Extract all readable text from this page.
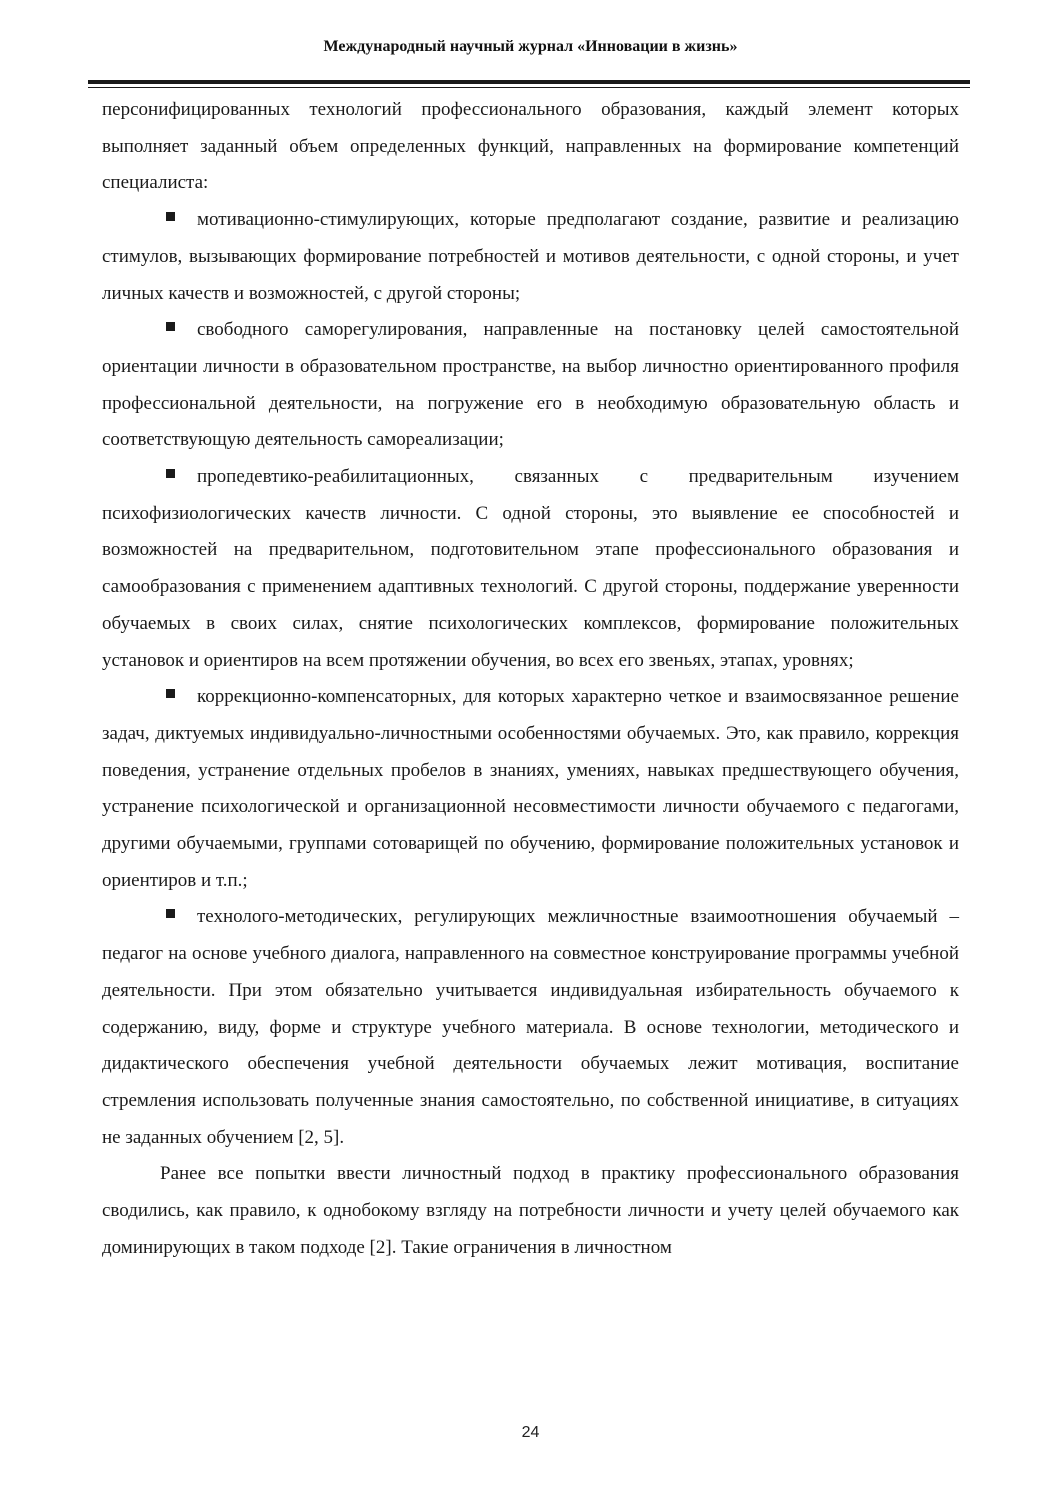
Международный научный журнал «Инновации в жизнь»

персонифицированных технологий профессионального образования, каждый элемент которых выполняет заданный объем определенных функций, направленных на формирование компетенций специалиста:

мотивационно-стимулирующих, которые предполагают создание, развитие и реализацию стимулов, вызывающих формирование потребностей и мотивов деятельности, с одной стороны, и учет личных качеств и возможностей, с другой стороны;

свободного саморегулирования, направленные на постановку целей самостоятельной ориентации личности в образовательном пространстве, на выбор личностно ориентированного профиля профессиональной деятельности, на погружение его в необходимую образовательную область и соответствующую деятельность самореализации;

пропедевтико-реабилитационных, связанных с предварительным изучением психофизиологических качеств личности. С одной стороны, это выявление ее способностей и возможностей на предварительном, подготовительном этапе профессионального образования и самообразования с применением адаптивных технологий. С другой стороны, поддержание уверенности обучаемых в своих силах, снятие психологических комплексов, формирование положительных установок и ориентиров на всем протяжении обучения, во всех его звеньях, этапах, уровнях;

коррекционно-компенсаторных, для которых характерно четкое и взаимосвязанное решение задач, диктуемых индивидуально-личностными особенностями обучаемых. Это, как правило, коррекция поведения, устранение отдельных пробелов в знаниях, умениях, навыках предшествующего обучения, устранение психологической и организационной несовместимости личности обучаемого с педагогами, другими обучаемыми, группами сотоварищей по обучению, формирование положительных установок и ориентиров и т.п.;

технолого-методических, регулирующих межличностные взаимоотношения обучаемый – педагог на основе учебного диалога, направленного на совместное конструирование программы учебной деятельности. При этом обязательно учитывается индивидуальная избирательность обучаемого к содержанию, виду, форме и структуре учебного материала. В основе технологии, методического и дидактического обеспечения учебной деятельности обучаемых лежит мотивация, воспитание стремления использовать полученные знания самостоятельно, по собственной инициативе, в ситуациях не заданных обучением [2, 5].

Ранее все попытки ввести личностный подход в практику профессионального образования сводились, как правило, к однобокому взгляду на потребности личности и учету целей обучаемого как доминирующих в таком подходе [2]. Такие ограничения в личностном

24
